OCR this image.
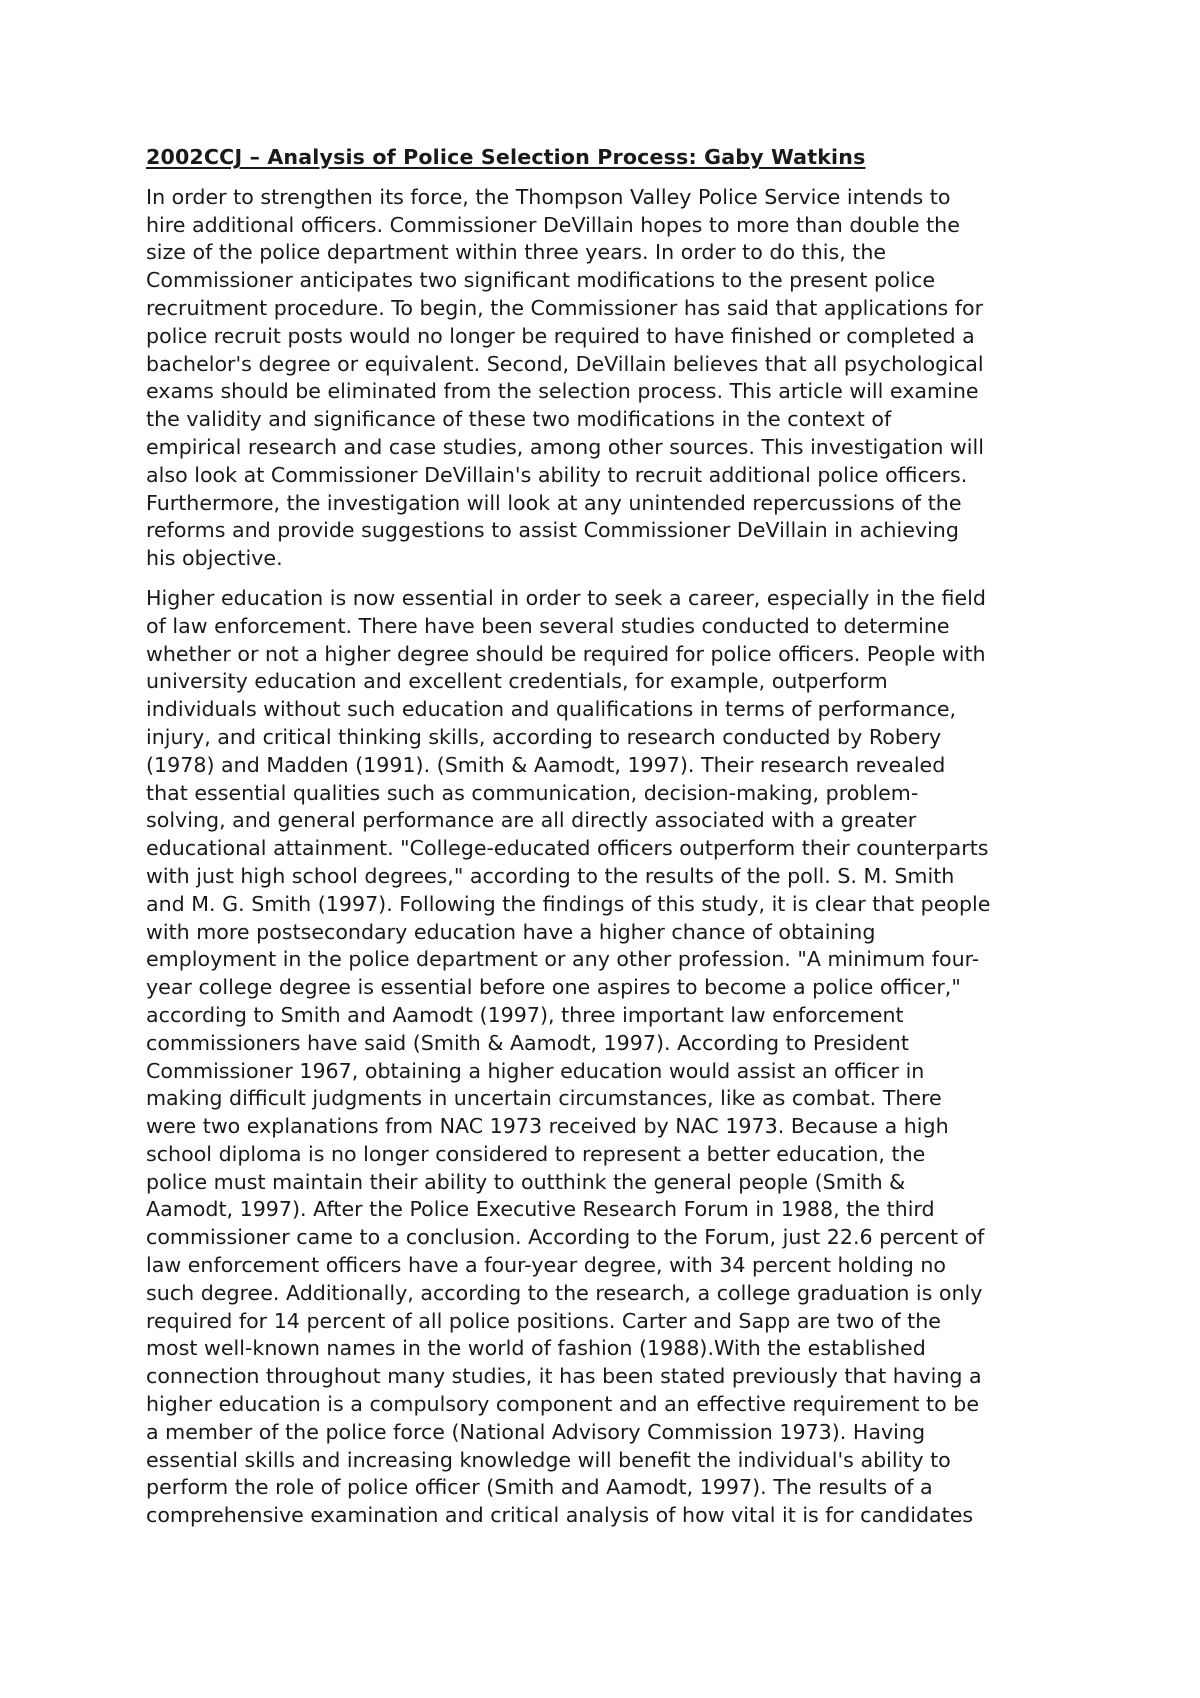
2002CCJ – Analysis of Police Selection Process: Gaby Watkins

In order to strengthen its force, the Thompson Valley Police Service intends to
hire additional officers. Commissioner DeVillain hopes to more than double the
size of the police department within three years. In order to do this, the
Commissioner anticipates two significant modifications to the present police
recruitment procedure. To begin, the Commissioner has said that applications for
police recruit posts would no longer be required to have finished or completed a
bachelor's degree or equivalent. Second, DeVillain believes that all psychological
exams should be eliminated from the selection process. This article will examine
the validity and significance of these two modifications in the context of
empirical research and case studies, among other sources. This investigation will
also look at Commissioner DeVillain's ability to recruit additional police officers.
Furthermore, the investigation will look at any unintended repercussions of the
reforms and provide suggestions to assist Commissioner DeVillain in achieving
his objective.

Higher education is now essential in order to seek a career, especially in the field
of law enforcement. There have been several studies conducted to determine
whether or not a higher degree should be required for police officers. People with
university education and excellent credentials, for example, outperform
individuals without such education and qualifications in terms of performance,
injury, and critical thinking skills, according to research conducted by Robery
(1978) and Madden (1991). (Smith & Aamodt, 1997). Their research revealed
that essential qualities such as communication, decision-making, problem-
solving, and general performance are all directly associated with a greater
educational attainment. "College-educated officers outperform their counterparts
with just high school degrees," according to the results of the poll. S. M. Smith
and M. G. Smith (1997). Following the findings of this study, it is clear that people
with more postsecondary education have a higher chance of obtaining
employment in the police department or any other profession. "A minimum four-
year college degree is essential before one aspires to become a police officer,"
according to Smith and Aamodt (1997), three important law enforcement
commissioners have said (Smith & Aamodt, 1997). According to President
Commissioner 1967, obtaining a higher education would assist an officer in
making difficult judgments in uncertain circumstances, like as combat. There
were two explanations from NAC 1973 received by NAC 1973. Because a high
school diploma is no longer considered to represent a better education, the
police must maintain their ability to outthink the general people (Smith &
Aamodt, 1997). After the Police Executive Research Forum in 1988, the third
commissioner came to a conclusion. According to the Forum, just 22.6 percent of
law enforcement officers have a four-year degree, with 34 percent holding no
such degree. Additionally, according to the research, a college graduation is only
required for 14 percent of all police positions. Carter and Sapp are two of the
most well-known names in the world of fashion (1988).With the established
connection throughout many studies, it has been stated previously that having a
higher education is a compulsory component and an effective requirement to be
a member of the police force (National Advisory Commission 1973). Having
essential skills and increasing knowledge will benefit the individual's ability to
perform the role of police officer (Smith and Aamodt, 1997). The results of a
comprehensive examination and critical analysis of how vital it is for candidates
